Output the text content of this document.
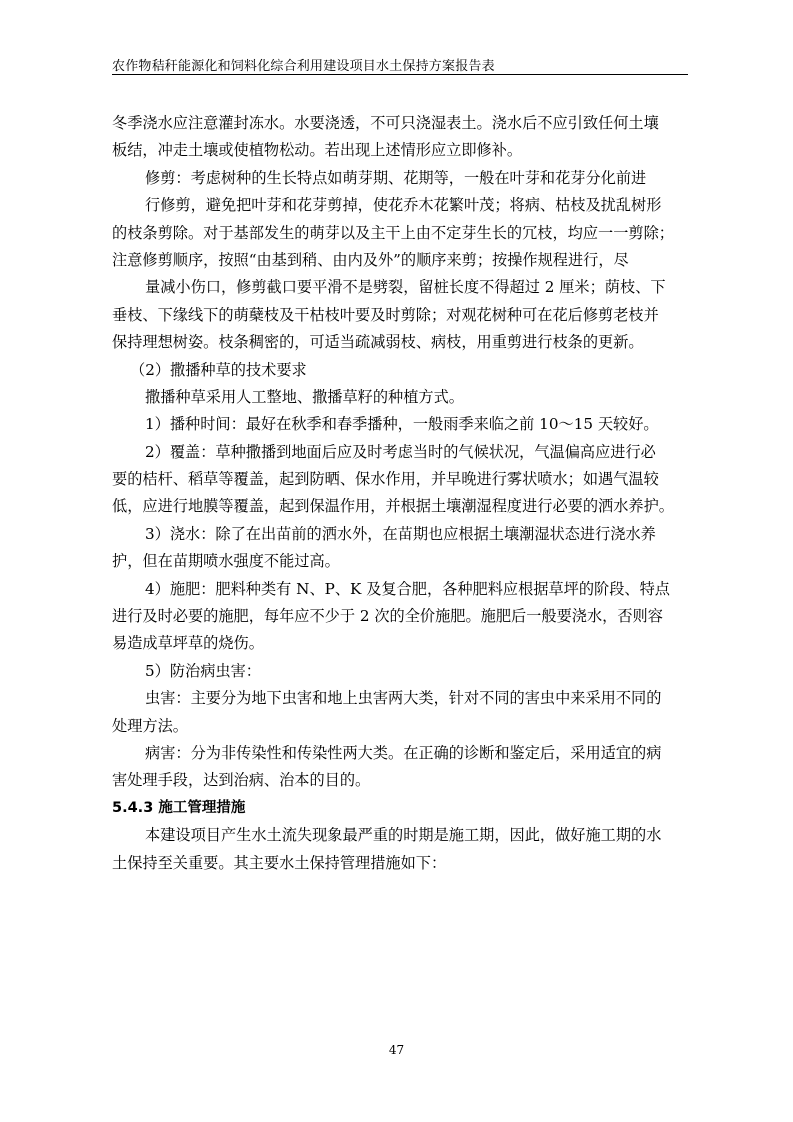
农作物秸秆能源化和饲料化综合利用建设项目水土保持方案报告表
冬季浇水应注意灌封冻水。水要浇透，不可只浇湿表土。浇水后不应引致任何土壤
板结，冲走土壤或使植物松动。若出现上述情形应立即修补。
修剪：考虑树种的生长特点如萌芽期、花期等，一般在叶芽和花芽分化前进
行修剪，避免把叶芽和花芽剪掉，使花乔木花繁叶茂；将病、枯枝及扰乱树形
的枝条剪除。对于基部发生的萌芽以及主干上由不定芽生长的冗枝，均应一一剪除；
注意修剪顺序，按照“由基到稍、由内及外”的顺序来剪；按操作规程进行，尽
量减小伤口，修剪截口要平滑不是劈裂，留桩长度不得超过 2 厘米；荫枝、下
垂枝、下缘线下的萌蘖枝及干枯枝叶要及时剪除；对观花树种可在花后修剪老枝并
保持理想树姿。枝条稠密的，可适当疏减弱枝、病枝，用重剪进行枝条的更新。
（2）撒播种草的技术要求
撒播种草采用人工整地、撒播草籽的种植方式。
1）播种时间：最好在秋季和春季播种，一般雨季来临之前 10～15 天较好。
2）覆盖：草种撒播到地面后应及时考虑当时的气候状况，气温偏高应进行必
要的桔杆、稻草等覆盖，起到防晒、保水作用，并早晚进行雾状喷水；如遇气温较
低，应进行地膜等覆盖，起到保温作用，并根据土壤潮湿程度进行必要的洒水养护。
3）浇水：除了在出苗前的洒水外，在苗期也应根据土壤潮湿状态进行浇水养
护，但在苗期喷水强度不能过高。
4）施肥：肥料种类有 N、P、K 及复合肥，各种肥料应根据草坪的阶段、特点
进行及时必要的施肥，每年应不少于 2 次的全价施肥。施肥后一般要浇水，否则容
易造成草坪草的烧伤。
5）防治病虫害：
虫害：主要分为地下虫害和地上虫害两大类，针对不同的害虫中来采用不同的
处理方法。
病害：分为非传染性和传染性两大类。在正确的诊断和鉴定后，采用适宜的病
害处理手段，达到治病、治本的目的。
5.4.3 施工管理措施
本建设项目产生水土流失现象最严重的时期是施工期，因此，做好施工期的水
土保持至关重要。其主要水土保持管理措施如下：
47
